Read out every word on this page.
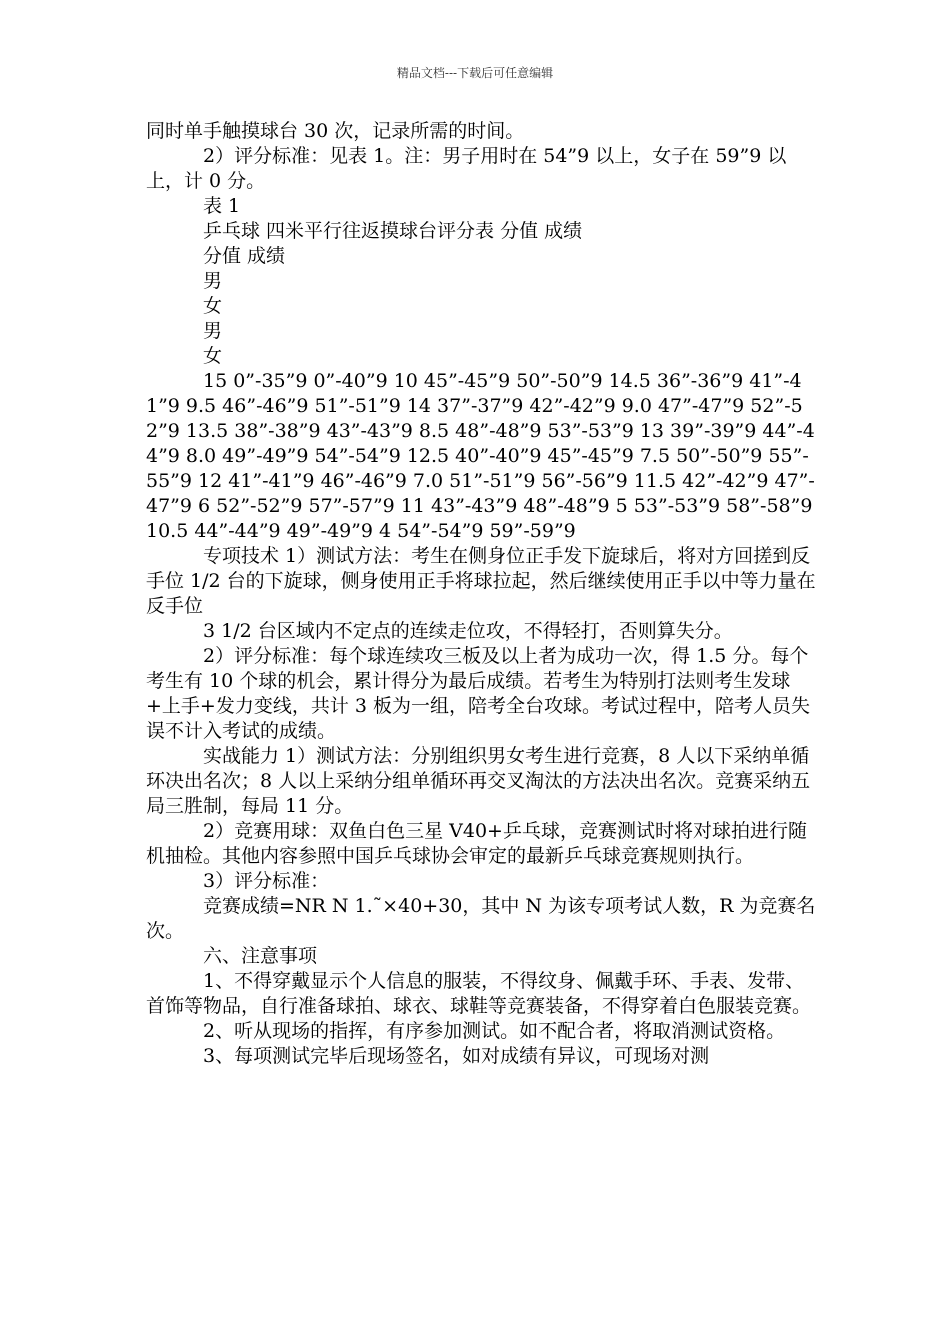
精品文档---下载后可任意编辑

同时单手触摸球台 30 次，记录所需的时间。

2）评分标准：见表 1。注：男子用时在 54”9 以上，女子在 59”9 以上，计 0 分。

表 1

乒乓球 四米平行往返摸球台评分表 分值 成绩

分值 成绩

男

女

男

女

15 0”-35”9 0”-40”9 10 45”-45”9 50”-50”9 14.5 36”-36”9 41”-41”9 9.5 46”-46”9 51”-51”9 14 37”-37”9 42”-42”9 9.0 47”-47”9 52”-52”9 13.5 38”-38”9 43”-43”9 8.5 48”-48”9 53”-53”9 13 39”-39”9 44”-44”9 8.0 49”-49”9 54”-54”9 12.5 40”-40”9 45”-45”9 7.5 50”-50”9 55”-55”9 12 41”-41”9 46”-46”9 7.0 51”-51”9 56”-56”9 11.5 42”-42”9 47”-47”9 6 52”-52”9 57”-57”9 11 43”-43”9 48”-48”9 5 53”-53”9 58”-58”9 10.5 44”-44”9 49”-49”9 4 54”-54”9 59”-59”9

专项技术 1）测试方法：考生在侧身位正手发下旋球后，将对方回搓到反手位 1/2 台的下旋球，侧身使用正手将球拉起，然后继续使用正手以中等力量在反手位

3 1/2 台区域内不定点的连续走位攻，不得轻打，否则算失分。

2）评分标准：每个球连续攻三板及以上者为成功一次，得 1.5 分。每个考生有 10 个球的机会，累计得分为最后成绩。若考生为特别打法则考生发球+上手+发力变线，共计 3 板为一组，陪考全台攻球。考试过程中，陪考人员失误不计入考试的成绩。

实战能力 1）测试方法：分别组织男女考生进行竞赛，8 人以下采纳单循环决出名次；8 人以上采纳分组单循环再交叉淘汰的方法决出名次。竞赛采纳五局三胜制，每局 11 分。

2）竞赛用球：双鱼白色三星 V40+乒乓球，竞赛测试时将对球拍进行随机抽检。其他内容参照中国乒乓球协会审定的最新乒乓球竞赛规则执行。

3）评分标准：

竞赛成绩=NR N 1.˜×40+30，其中 N 为该专项考试人数，R 为竞赛名次。

六、注意事项

1、不得穿戴显示个人信息的服装，不得纹身、佩戴手环、手表、发带、首饰等物品，自行准备球拍、球衣、球鞋等竞赛装备，不得穿着白色服装竞赛。

2、听从现场的指挥，有序参加测试。如不配合者，将取消测试资格。

3、每项测试完毕后现场签名，如对成绩有异议，可现场对测
